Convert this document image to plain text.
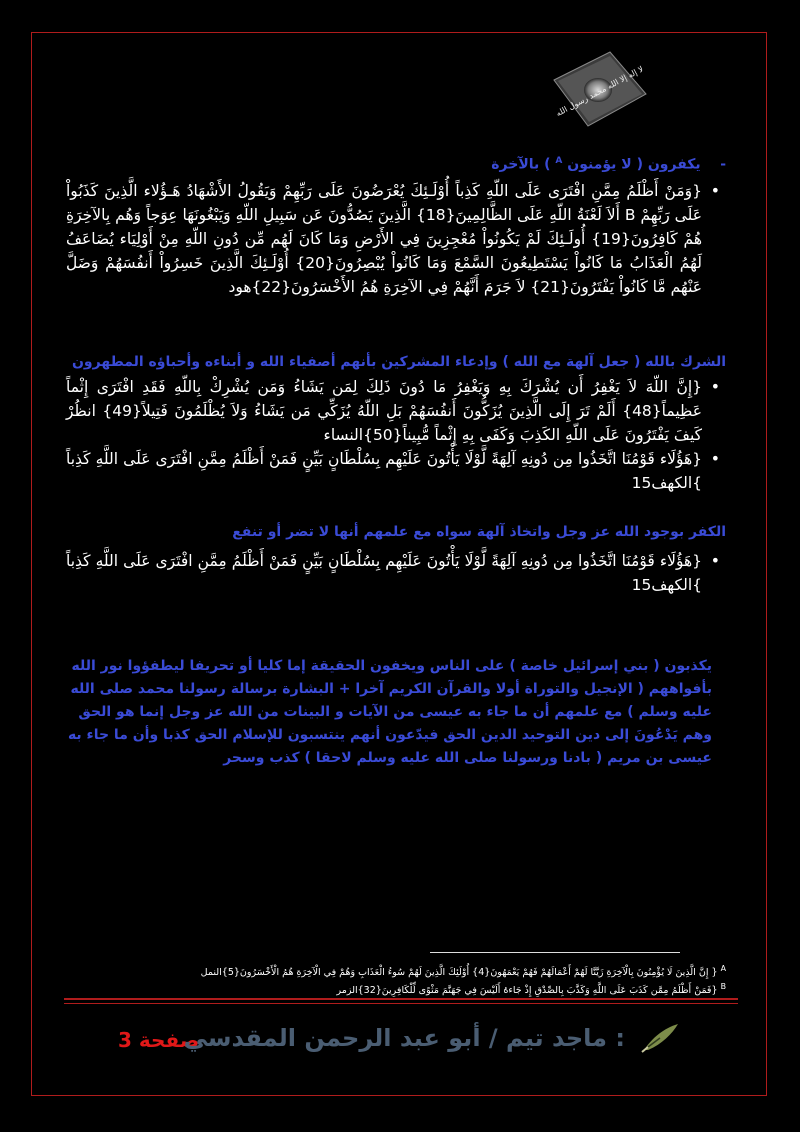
لا إله إلا الله محمد رسول الله

-    يكفرون ( لا يؤمنون $^A$ ) بالآخرة

• {وَمَنْ أَظْلَمُ مِمَّنِ افْتَرَى عَلَى اللّهِ كَذِباً أُوْلَـئِكَ يُعْرَضُونَ عَلَى رَبِّهِمْ وَيَقُولُ الأَشْهَادُ هَـؤُلاء الَّذِينَ كَذَبُواْ عَلَى رَبِّهِمْ B أَلاَ لَعْنَةُ اللّهِ عَلَى الظَّالِمِينَ{18} الَّذِينَ يَصُدُّونَ عَن سَبِيلِ اللّهِ وَيَبْغُونَهَا عِوَجاً وَهُم بِالآخِرَةِ هُمْ كَافِرُونَ{19} أُولَـئِكَ لَمْ يَكُونُواْ مُعْجِزِينَ فِي الأَرْضِ وَمَا كَانَ لَهُم مِّن دُونِ اللّهِ مِنْ أَوْلِيَاء يُضَاعَفُ لَهُمُ الْعَذَابُ مَا كَانُواْ يَسْتَطِيعُونَ السَّمْعَ وَمَا كَانُواْ يُبْصِرُونَ{20} أُوْلَـئِكَ الَّذِينَ خَسِرُواْ أَنفُسَهُمْ وَضَلَّ عَنْهُم مَّا كَانُواْ يَفْتَرُونَ{21} لاَ جَرَمَ أَنَّهُمْ فِي الآخِرَةِ هُمُ الأَخْسَرُونَ{22}هود

الشرك بالله ( جعل آلهة مع الله ) وإدعاء المشركين بأنهم أصفياء الله و أبناءه وأحباؤه المطهرون

• {إِنَّ اللّهَ لاَ يَغْفِرُ أَن يُشْرَكَ بِهِ وَيَغْفِرُ مَا دُونَ ذَلِكَ لِمَن يَشَاءُ وَمَن يُشْرِكْ بِاللّهِ فَقَدِ افْتَرَى إِثْماً عَظِيماً{48} أَلَمْ تَرَ إِلَى الَّذِينَ يُزَكُّونَ أَنفُسَهُمْ بَلِ اللّهُ يُزَكِّي مَن يَشَاءُ وَلاَ يُظْلَمُونَ فَتِيلاً{49} انظُرْ كَيفَ يَفْتَرُونَ عَلَى اللّهِ الكَذِبَ وَكَفَى بِهِ إِثْماً مُّبِيناً{50}النساء
• {هَؤُلَاء قَوْمُنَا اتَّخَذُوا مِن دُونِهِ آلِهَةً لَّوْلَا يَأْتُونَ عَلَيْهِم بِسُلْطَانٍ بَيِّنٍ فَمَنْ أَظْلَمُ مِمَّنِ افْتَرَى عَلَى اللَّهِ كَذِباً }الكهف15

الكفر بوجود الله عز وجل واتخاذ آلهة سواه مع علمهم أنها لا تضر أو تنفع

• {هَؤُلَاء قَوْمُنَا اتَّخَذُوا مِن دُونِهِ آلِهَةً لَّوْلَا يَأْتُونَ عَلَيْهِم بِسُلْطَانٍ بَيِّنٍ فَمَنْ أَظْلَمُ مِمَّنِ افْتَرَى عَلَى اللَّهِ كَذِباً }الكهف15

يكذبون ( بني إسرائيل خاصة ) على الناس ويخفون الحقيقة إما كليا أو تحريفا ليطفؤوا نور الله بأفواههم ( الإنجيل والتوراة أولا والقرآن الكريم آخرا + البشارة برسالة رسولنا محمد صلى الله عليه وسلم ) مع علمهم أن ما جاء به عيسى من الآيات و البينات من الله عز وجل إنما هو الحق وهم يَدْعُونَ إلى دين التوحيد الدين الحق فيدّعون أنهم ينتسبون للإسلام الحق كذبا وأن ما جاء به عيسى بن مريم ( بادنا ورسولنا صلى الله عليه وسلم لاحقا ) كذب وسحر

$^A$ { إِنَّ الَّذِينَ لَا يُؤْمِنُونَ بِالْآخِرَةِ زَيَّنَّا لَهُمْ أَعْمَالَهُمْ فَهُمْ يَعْمَهُونَ{4} أُوْلَئِكَ الَّذِينَ لَهُمْ سُوءُ الْعَذَابِ وَهُمْ فِي الْآخِرَةِ هُمُ الْأَخْسَرُونَ{5}النمل
$^B$ {فَمَنْ أَظْلَمُ مِمَّن كَذَبَ عَلَى اللَّهِ وَكَذَّبَ بِالصِّدْقِ إِذْ جَاءهُ أَلَيْسَ فِي جَهَنَّمَ مَثْوًى لِّلْكَافِرِينَ{32}الزمر
صفحة 3
: ماجد تيم / أبو عبد الرحمن المقدسي
